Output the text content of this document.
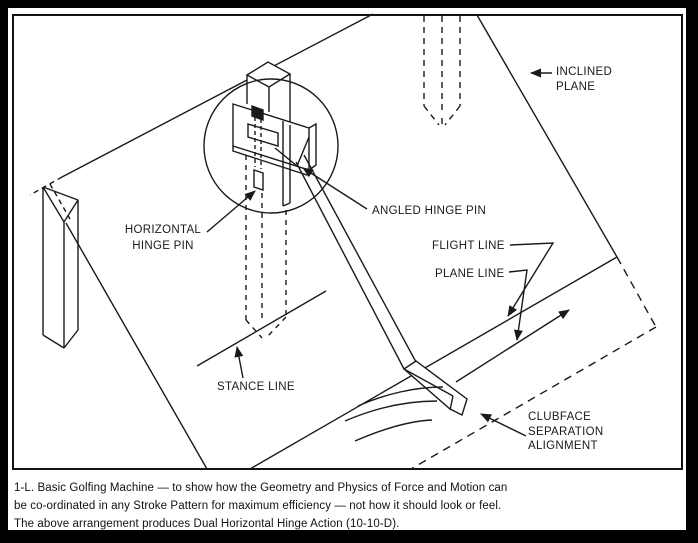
INCLINED
PLANE
HORIZONTAL
HINGE PIN
ANGLED HINGE PIN
FLIGHT LINE
PLANE LINE
STANCE LINE
CLUBFACE
SEPARATION
ALIGNMENT
1-L. Basic Golfing Machine — to show how the Geometry and Physics of Force and Motion can
be co-ordinated in any Stroke Pattern for maximum efficiency — not how it should look or feel.
The above arrangement produces Dual Horizontal Hinge Action (10-10-D).
